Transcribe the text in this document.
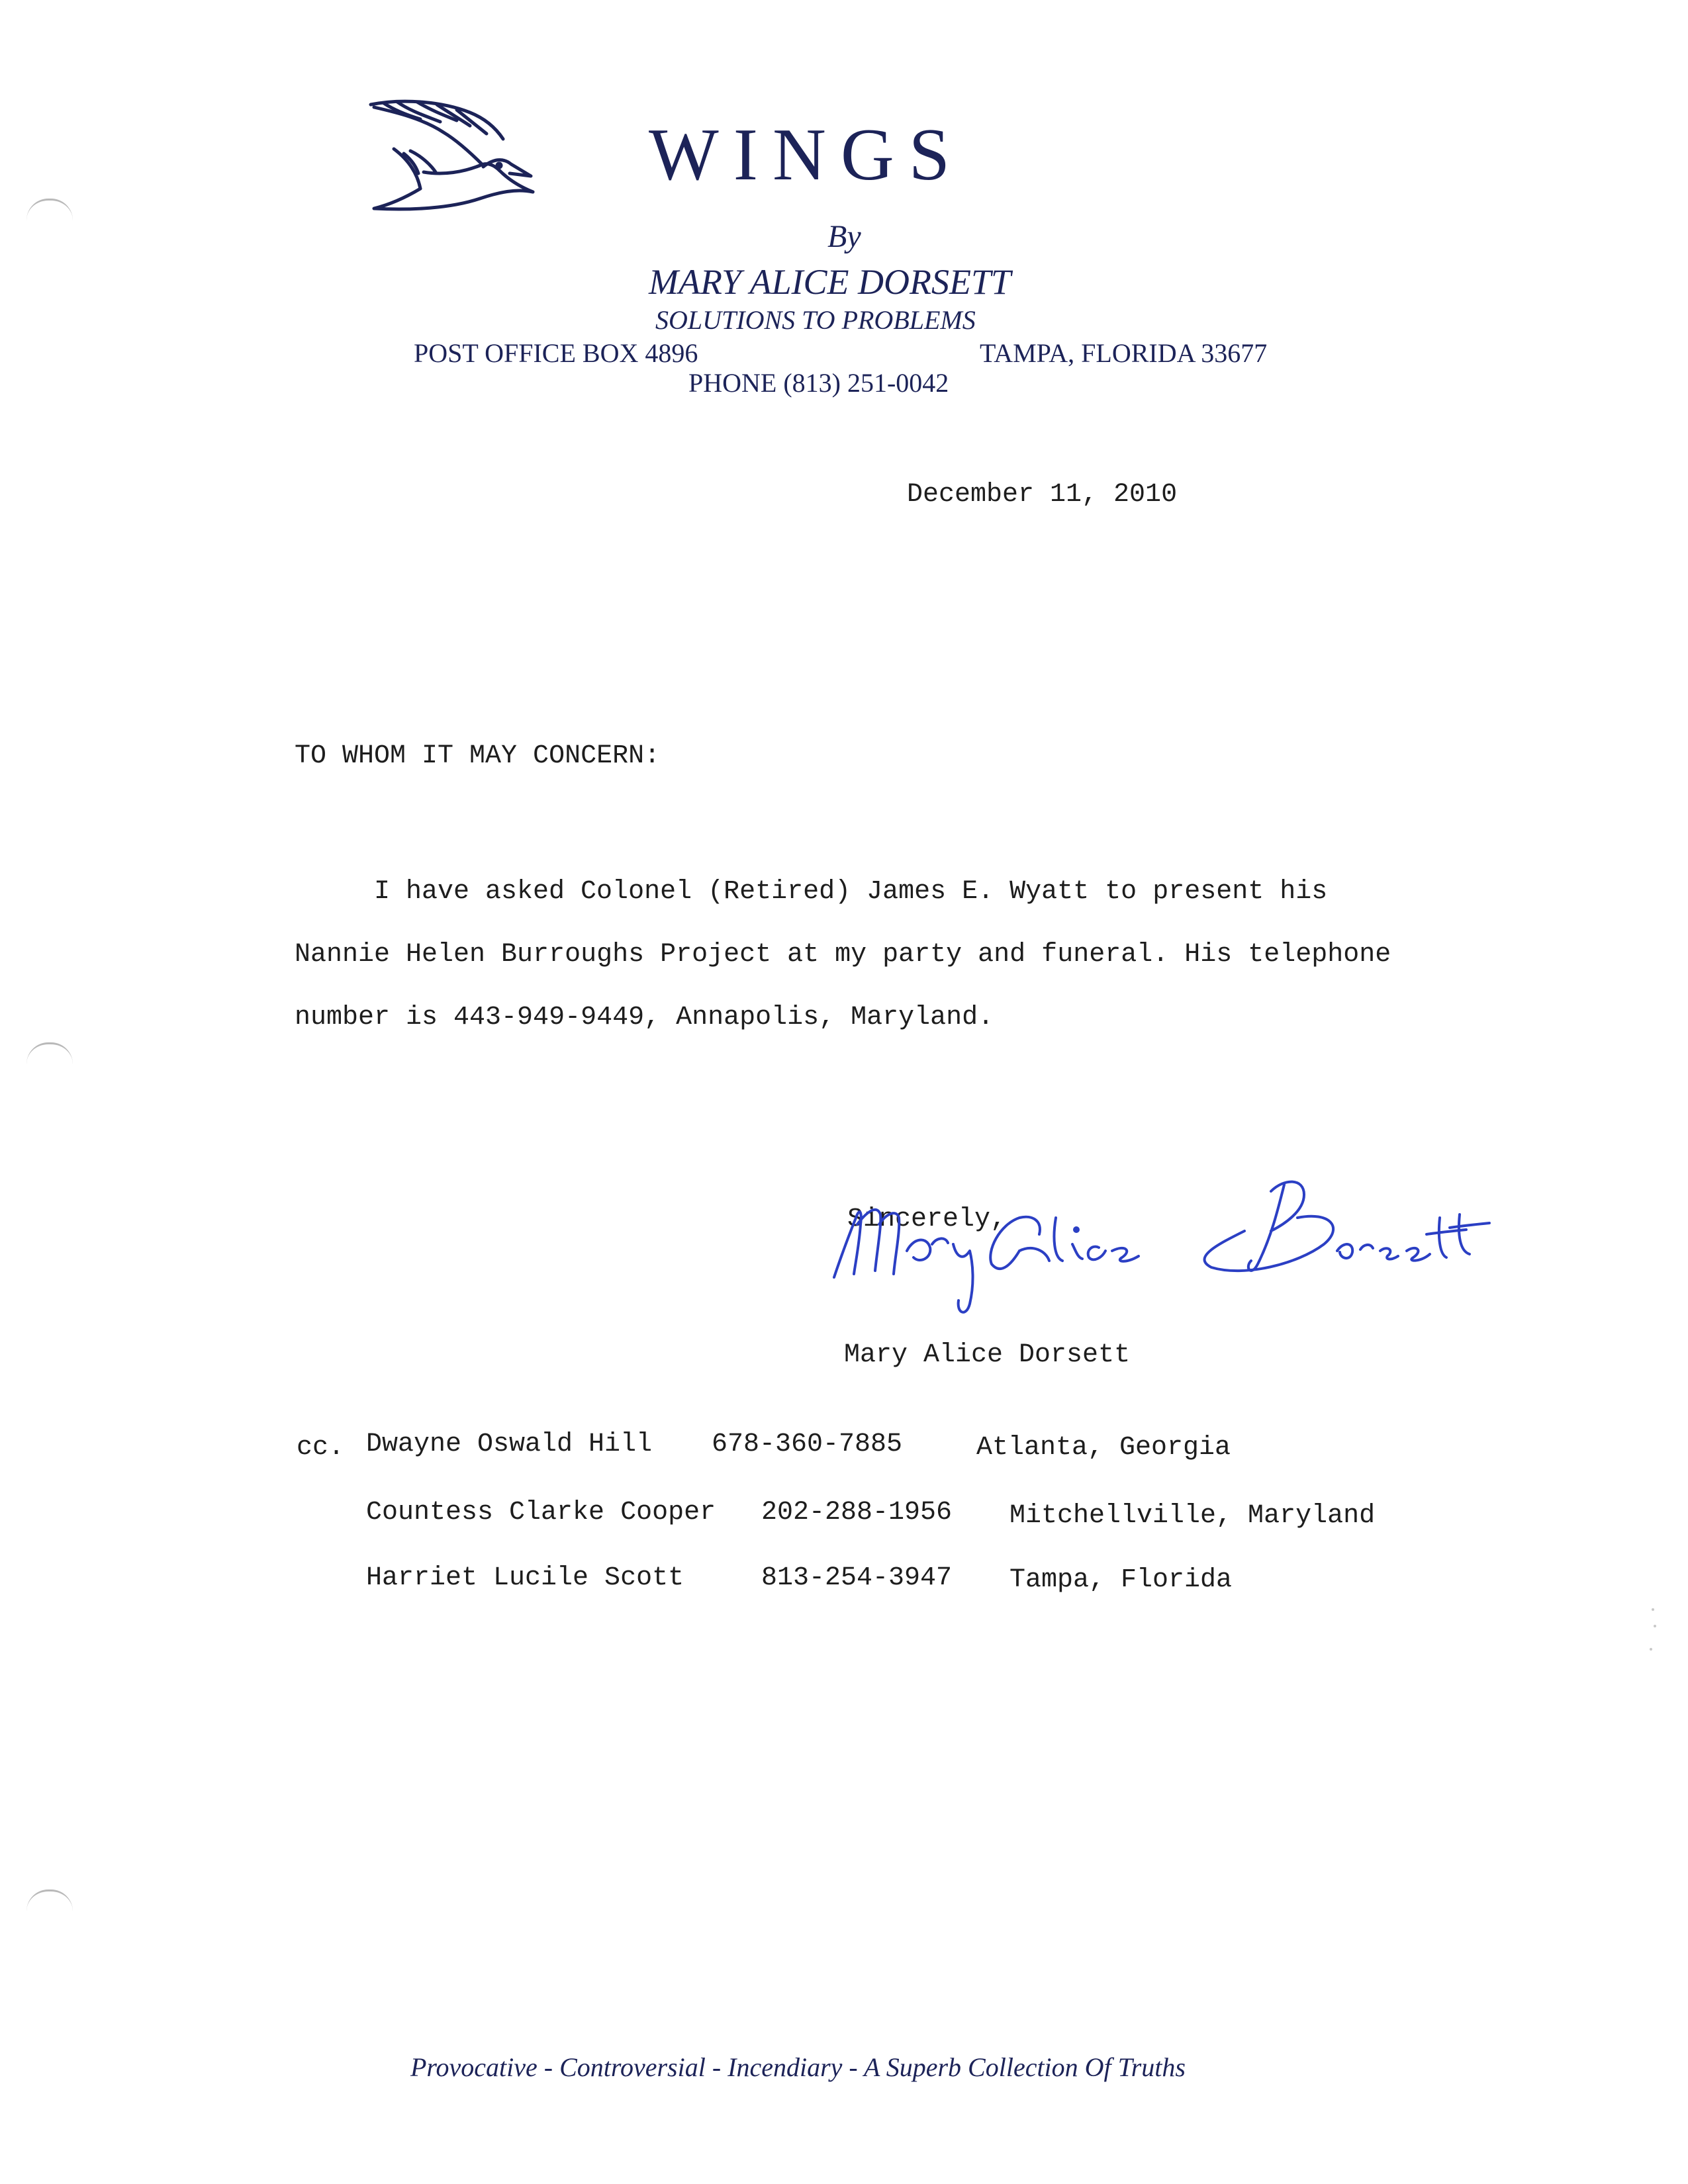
WINGS
By
MARY ALICE DORSETT
SOLUTIONS TO PROBLEMS
POST OFFICE BOX 4896	TAMPA, FLORIDA 33677
PHONE (813) 251-0042
December 11, 2010
TO WHOM IT MAY CONCERN:
I have asked Colonel (Retired) James E. Wyatt to present his
Nannie Helen Burroughs Project at my party and funeral. His telephone
number is 443-949-9449, Annapolis, Maryland.
Sincerely,
Mary Alice Dorsett
cc. Dwayne Oswald Hill 678-360-7885	Atlanta, Georgia
Countess Clarke Cooper 202-288-1956 Mitchellville, Maryland
Harriet Lucile Scott	813-254-3947 Tampa, Florida
Provocative - Controversial - Incendiary - A Superb Collection Of Truths
